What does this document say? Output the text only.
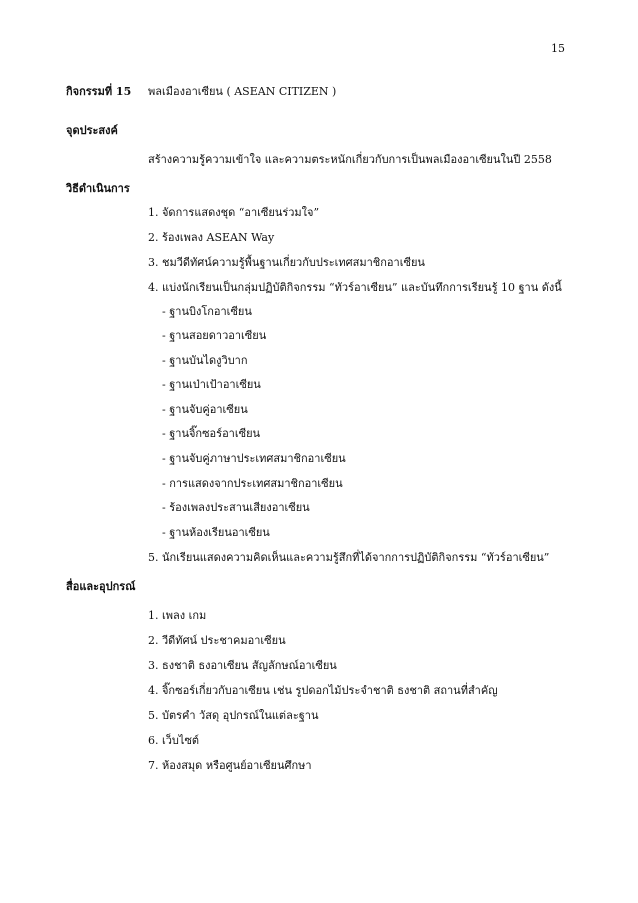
15
กิจกรรมที่ 15 พลเมืองอาเซียน ( ASEAN CITIZEN )
จุดประสงค์
สร้างความรู้ความเข้าใจ และความตระหนักเกี่ยวกับการเป็นพลเมืองอาเซียนในปี 2558
วิธีดำเนินการ
1. จัดการแสดงชุด “อาเซียนร่วมใจ”
2. ร้องเพลง ASEAN Way
3. ชมวีดีทัศน์ความรู้พื้นฐานเกี่ยวกับประเทศสมาชิกอาเซียน
4. แบ่งนักเรียนเป็นกลุ่มปฏิบัติกิจกรรม “ทัวร์อาเซียน” และบันทึกการเรียนรู้ 10 ฐาน ดังนี้
- ฐานบิงโกอาเซียน
- ฐานสอยดาวอาเซียน
- ฐานบันไดงูวิบาก
- ฐานเป่าเป้าอาเซียน
- ฐานจับคู่อาเซียน
- ฐานจิ๊กซอร์อาเซียน
- ฐานจับคู่ภาษาประเทศสมาชิกอาเซียน
- การแสดงจากประเทศสมาชิกอาเซียน
- ร้องเพลงประสานเสียงอาเซียน
- ฐานห้องเรียนอาเซียน
5. นักเรียนแสดงความคิดเห็นและความรู้สึกที่ได้จากการปฏิบัติกิจกรรม “ทัวร์อาเซียน”
สื่อและอุปกรณ์
1. เพลง เกม
2. วีดีทัศน์ ประชาคมอาเซียน
3. ธงชาติ ธงอาเซียน สัญลักษณ์อาเซียน
4. จิ๊กซอร์เกี่ยวกับอาเซียน เช่น รูปดอกไม้ประจำชาติ ธงชาติ สถานที่สำคัญ
5. บัตรคำ วัสดุ อุปกรณ์ในแต่ละฐาน
6. เว็บไซต์
7. ห้องสมุด หรือศูนย์อาเซียนศึกษา
